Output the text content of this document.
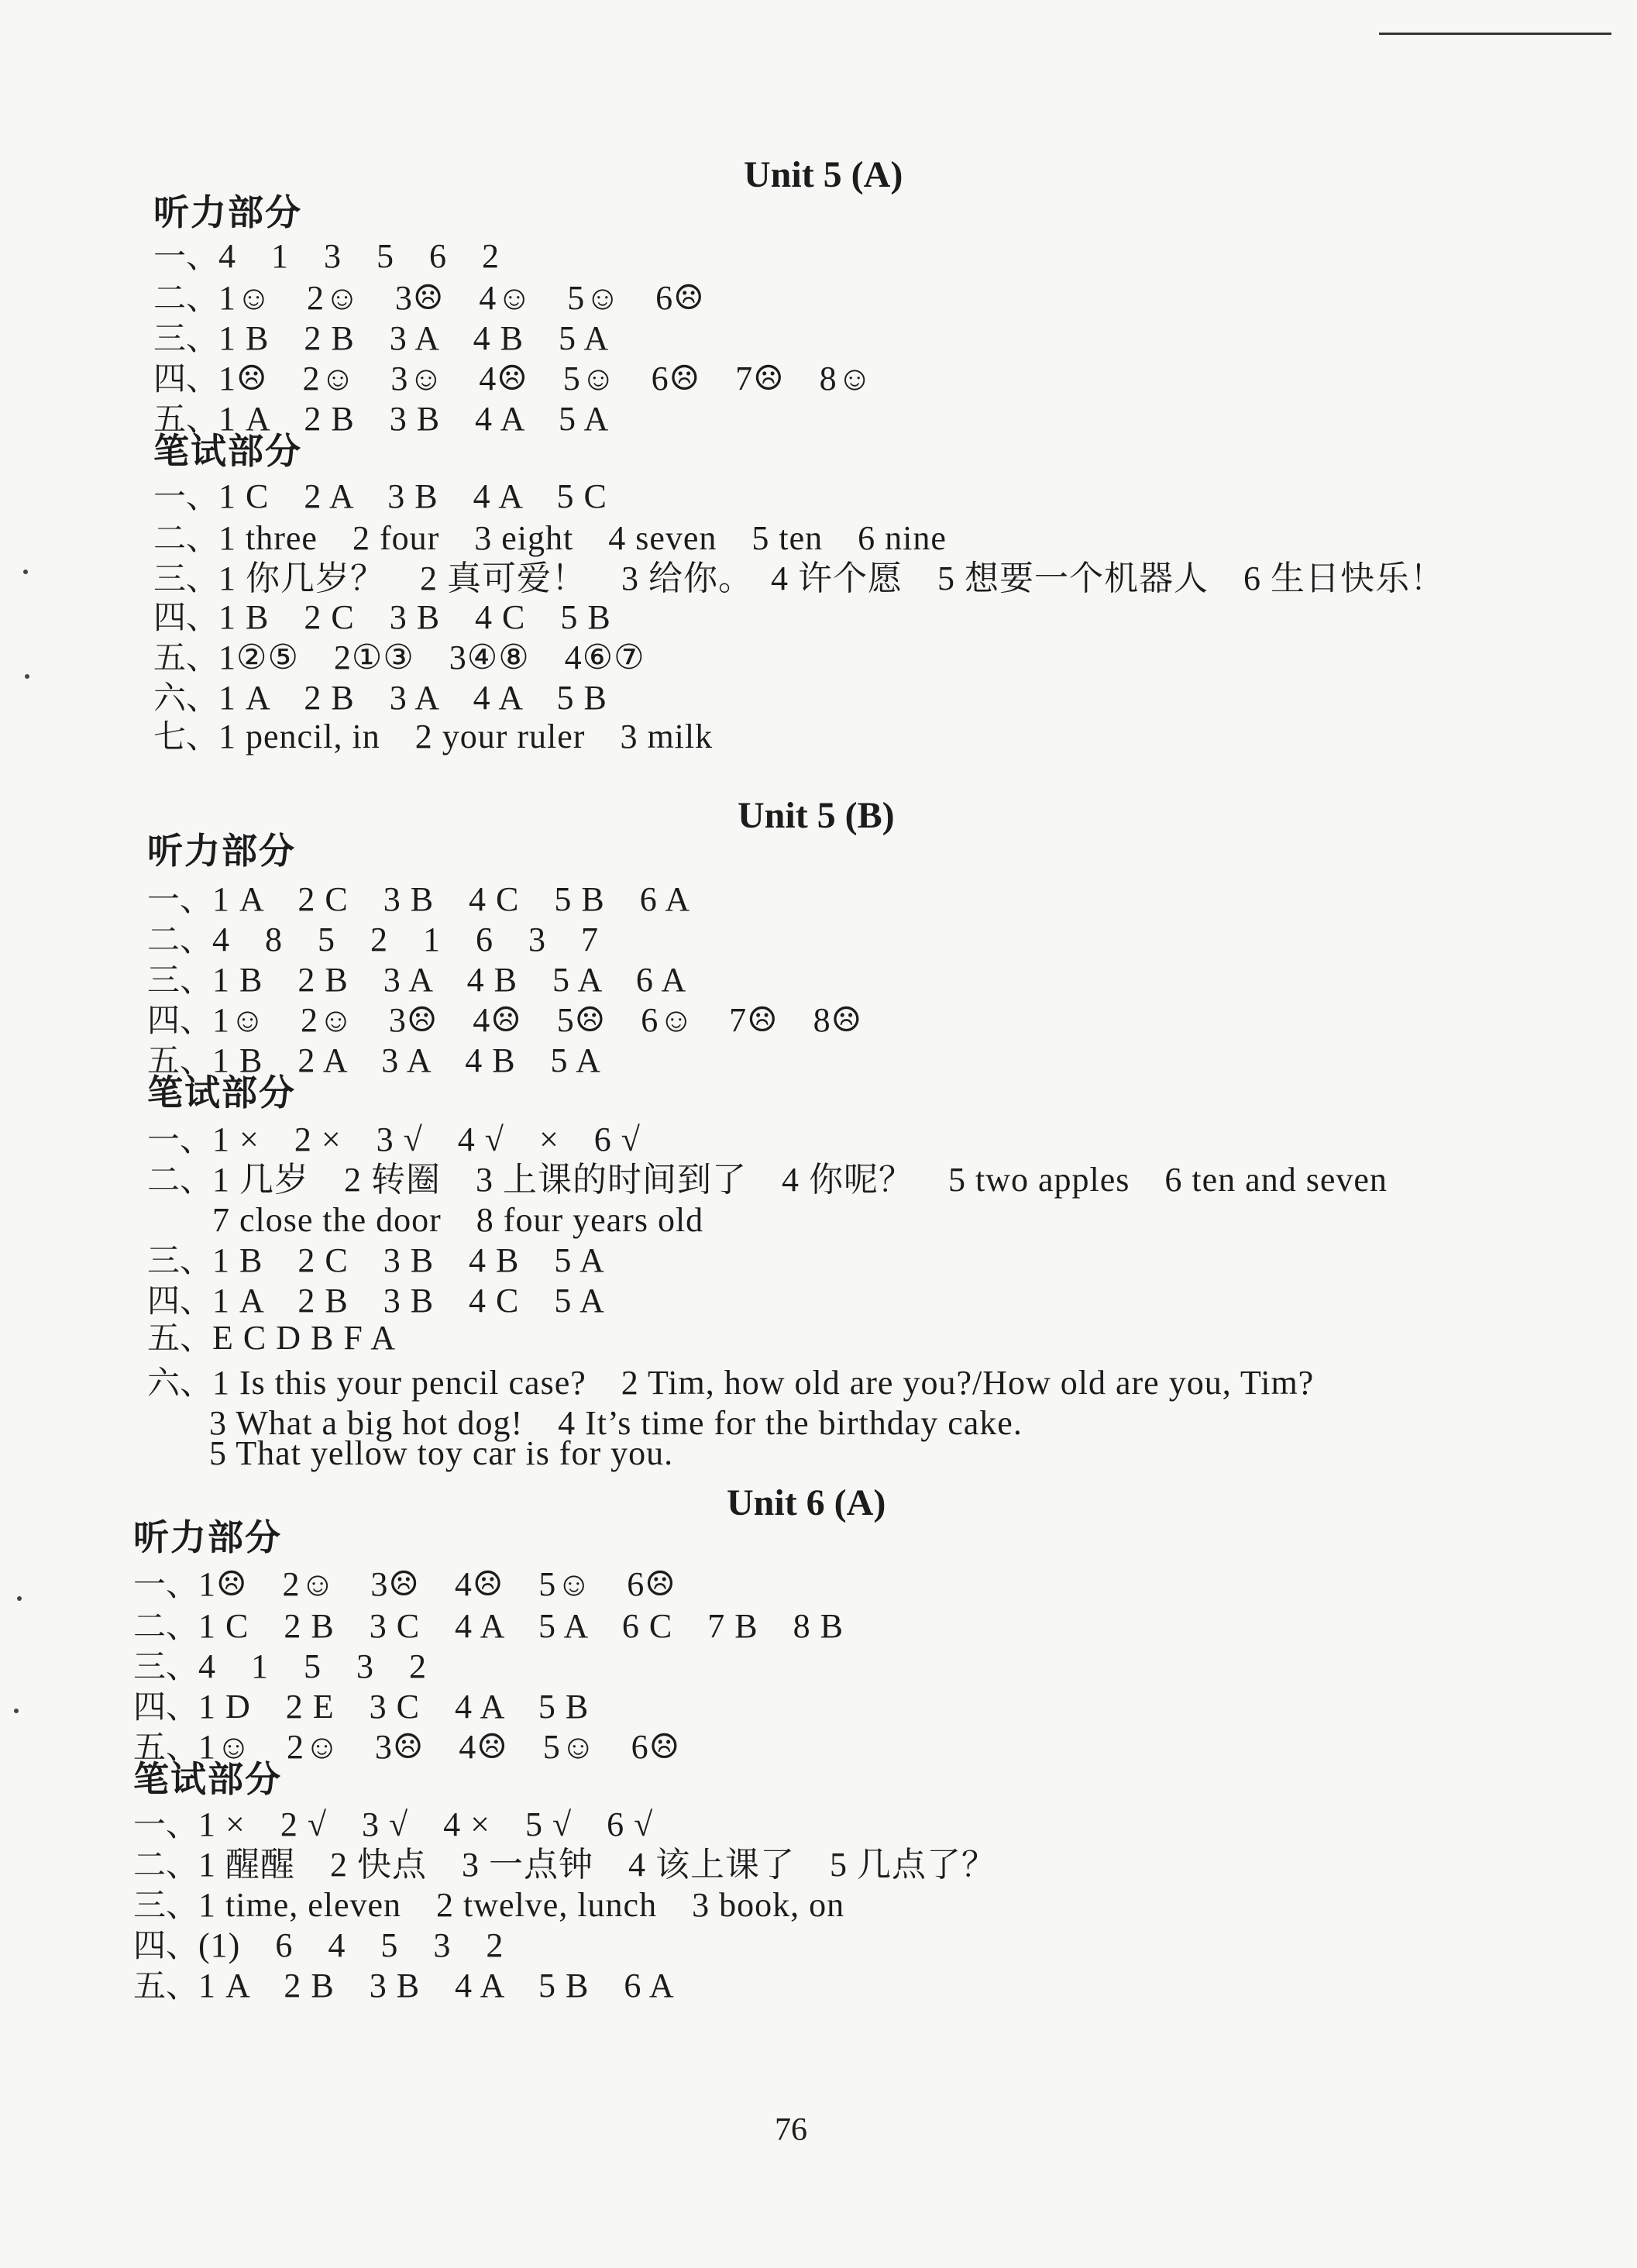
Unit 5 (A)
听力部分
一、4　1　3　5　6　2
二、1☺　2☺　3☹　4☺　5☺　6☹
三、1 B　2 B　3 A　4 B　5 A
四、1☹　2☺　3☺　4☹　5☺　6☹　7☹　8☺
五、1 A　2 B　3 B　4 A　5 A
笔试部分
一、1 C　2 A　3 B　4 A　5 C
二、1 three　2 four　3 eight　4 seven　5 ten　6 nine
三、1 你几岁？　2 真可爱！　3 给你。　4 许个愿　5 想要一个机器人　6 生日快乐！
四、1 B　2 C　3 B　4 C　5 B
五、1②⑤　2①③　3④⑧　4⑥⑦
六、1 A　2 B　3 A　4 A　5 B
七、1 pencil, in　2 your ruler　3 milk
Unit 5 (B)
听力部分
一、1 A　2 C　3 B　4 C　5 B　6 A
二、4　8　5　2　1　6　3　7
三、1 B　2 B　3 A　4 B　5 A　6 A
四、1☺　2☺　3☹　4☹　5☹　6☺　7☹　8☹
五、1 B　2 A　3 A　4 B　5 A
笔试部分
一、1 ×　2 ×　3 √　4 √　×　6 √
二、1 几岁　2 转圈　3 上课的时间到了　4 你呢？　5 two apples　6 ten and seven
7 close the door　8 four years old
三、1 B　2 C　3 B　4 B　5 A
四、1 A　2 B　3 B　4 C　5 A
五、E C D B F A
六、1 Is this your pencil case?　2 Tim, how old are you?/How old are you, Tim?
3 What a big hot dog!　4 It’s time for the birthday cake.
5 That yellow toy car is for you.
Unit 6 (A)
听力部分
一、1☹　2☺　3☹　4☹　5☺　6☹
二、1 C　2 B　3 C　4 A　5 A　6 C　7 B　8 B
三、4　1　5　3　2
四、1 D　2 E　3 C　4 A　5 B
五、1☺　2☺　3☹　4☹　5☺　6☹
笔试部分
一、1 ×　2 √　3 √　4 ×　5 √　6 √
二、1 醒醒　2 快点　3 一点钟　4 该上课了　5 几点了？
三、1 time, eleven　2 twelve, lunch　3 book, on
四、(1)　6　4　5　3　2
五、1 A　2 B　3 B　4 A　5 B　6 A
76
